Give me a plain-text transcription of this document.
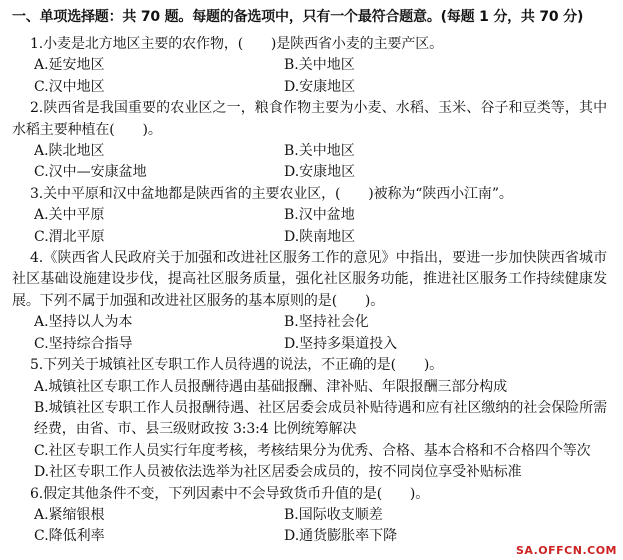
一、单项选择题：共 70 题。每题的备选项中，只有一个最符合题意。(每题 1 分，共 70 分)
1.小麦是北方地区主要的农作物，(　　)是陕西省小麦的主要产区。
A.延安地区	B.关中地区
C.汉中地区	D.安康地区
2.陕西省是我国重要的农业区之一，粮食作物主要为小麦、水稻、玉米、谷子和豆类等，其中水稻主要种植在(　　)。
A.陕北地区	B.关中地区
C.汉中—安康盆地	D.安康地区
3.关中平原和汉中盆地都是陕西省的主要农业区，(　　)被称为“陕西小江南”。
A.关中平原	B.汉中盆地
C.渭北平原	D.陕南地区
4.《陕西省人民政府关于加强和改进社区服务工作的意见》中指出，要进一步加快陕西省城市社区基础设施建设步伐，提高社区服务质量，强化社区服务功能，推进社区服务工作持续健康发展。下列不属于加强和改进社区服务的基本原则的是(　　)。
A.坚持以人为本	B.坚持社会化
C.坚持综合指导	D.坚持多渠道投入
5.下列关于城镇社区专职工作人员待遇的说法，不正确的是(　　)。
A.城镇社区专职工作人员报酬待遇由基础报酬、津补贴、年限报酬三部分构成
B.城镇社区专职工作人员报酬待遇、社区居委会成员补贴待遇和应有社区缴纳的社会保险所需经费，由省、市、县三级财政按 3:3:4 比例统筹解决
C.社区专职工作人员实行年度考核，考核结果分为优秀、合格、基本合格和不合格四个等次
D.社区专职工作人员被依法选举为社区居委会成员的，按不同岗位享受补贴标准
6.假定其他条件不变，下列因素中不会导致货币升值的是(　　)。
A.紧缩银根	B.国际收支顺差
C.降低利率	D.通货膨胀率下降
SA.OFFCN.COM
